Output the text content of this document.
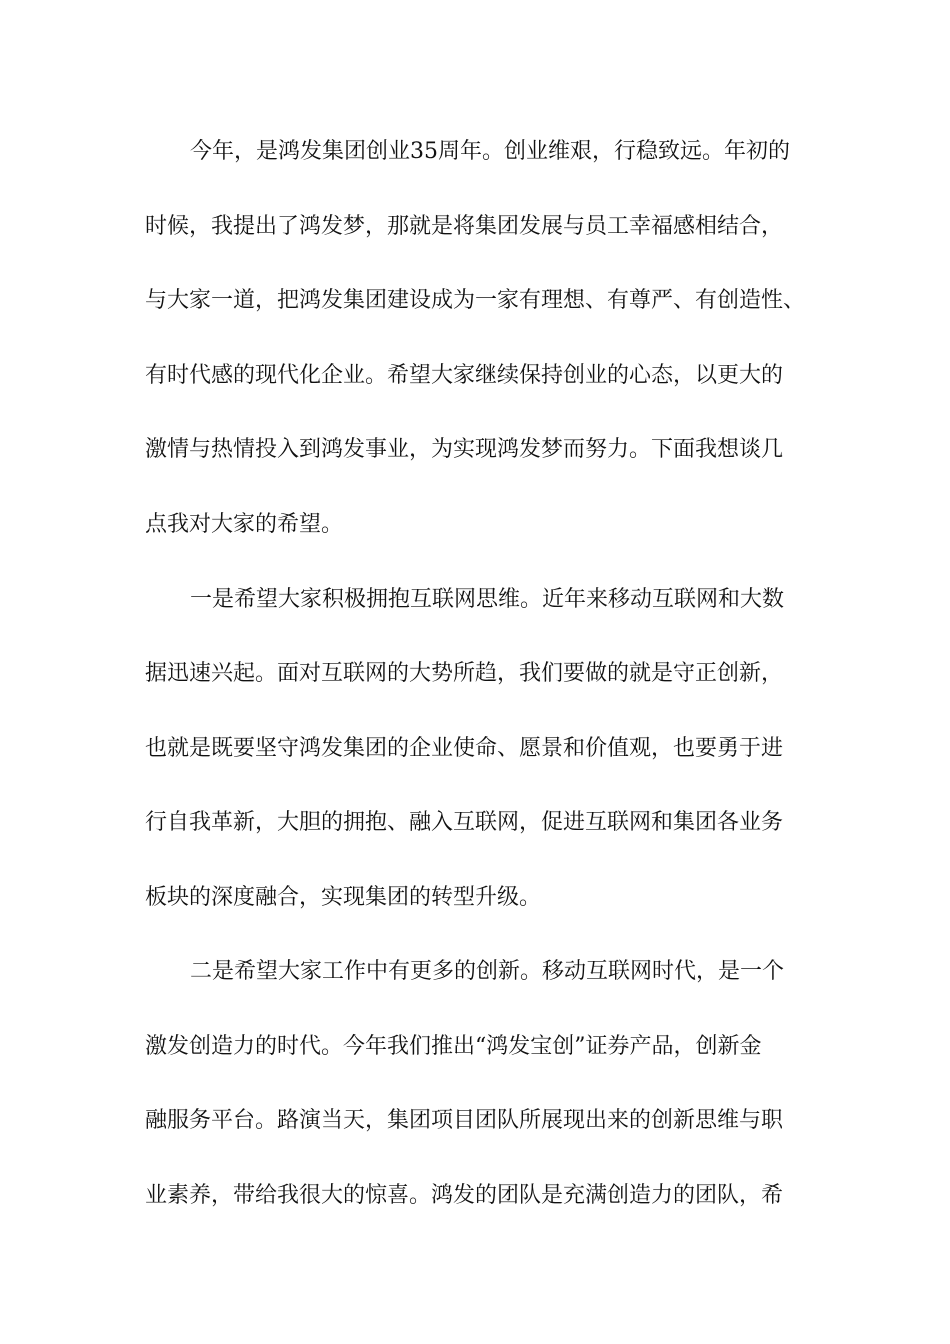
今年，是鸿发集团创业35周年。创业维艰，行稳致远。年初的
时候，我提出了鸿发梦，那就是将集团发展与员工幸福感相结合，
与大家一道，把鸿发集团建设成为一家有理想、有尊严、有创造性、
有时代感的现代化企业。希望大家继续保持创业的心态，以更大的
激情与热情投入到鸿发事业，为实现鸿发梦而努力。下面我想谈几
点我对大家的希望。
一是希望大家积极拥抱互联网思维。近年来移动互联网和大数
据迅速兴起。面对互联网的大势所趋，我们要做的就是守正创新，
也就是既要坚守鸿发集团的企业使命、愿景和价值观，也要勇于进
行自我革新，大胆的拥抱、融入互联网，促进互联网和集团各业务
板块的深度融合，实现集团的转型升级。
二是希望大家工作中有更多的创新。移动互联网时代，是一个
激发创造力的时代。今年我们推出“鸿发宝创”证券产品，创新金
融服务平台。路演当天，集团项目团队所展现出来的创新思维与职
业素养，带给我很大的惊喜。鸿发的团队是充满创造力的团队，希
